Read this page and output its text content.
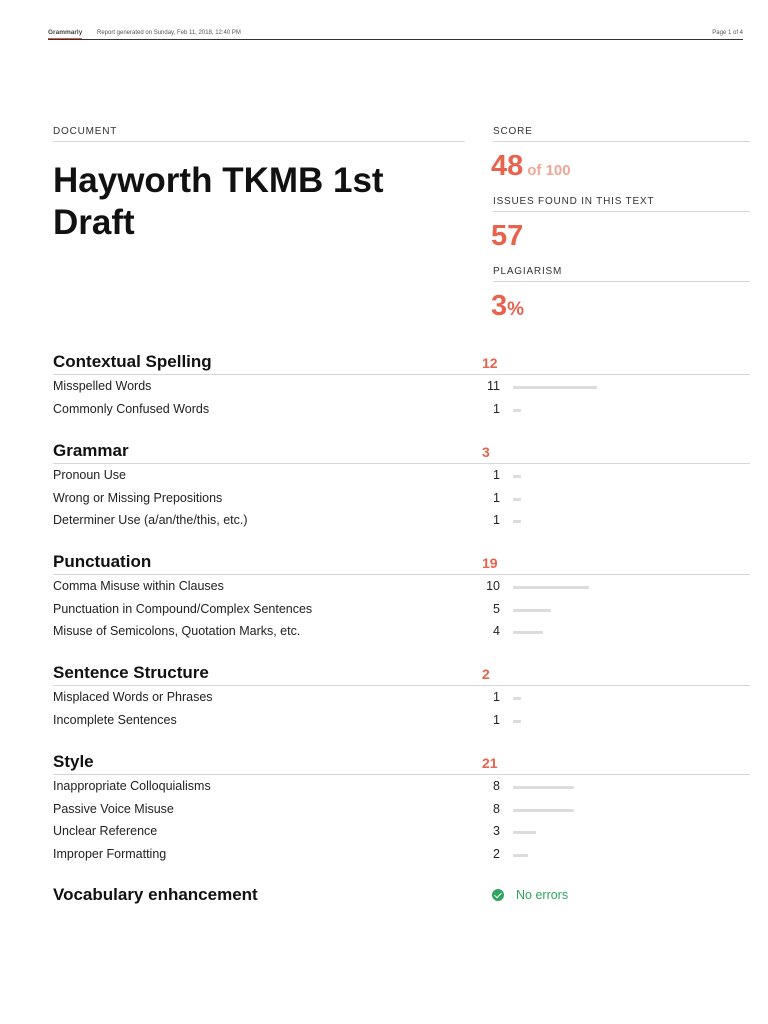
Grammarly Report generated on Sunday, Feb 11, 2018, 12:40 PM	Page 1 of 4
DOCUMENT
Hayworth TKMB 1st Draft
SCORE
48 of 100
ISSUES FOUND IN THIS TEXT
57
PLAGIARISM
3%
Contextual Spelling	12
Misspelled Words	11
Commonly Confused Words	1
Grammar	3
Pronoun Use	1
Wrong or Missing Prepositions	1
Determiner Use (a/an/the/this, etc.)	1
Punctuation	19
Comma Misuse within Clauses	10
Punctuation in Compound/Complex Sentences	5
Misuse of Semicolons, Quotation Marks, etc.	4
Sentence Structure	2
Misplaced Words or Phrases	1
Incomplete Sentences	1
Style	21
Inappropriate Colloquialisms	8
Passive Voice Misuse	8
Unclear Reference	3
Improper Formatting	2
Vocabulary enhancement	No errors
